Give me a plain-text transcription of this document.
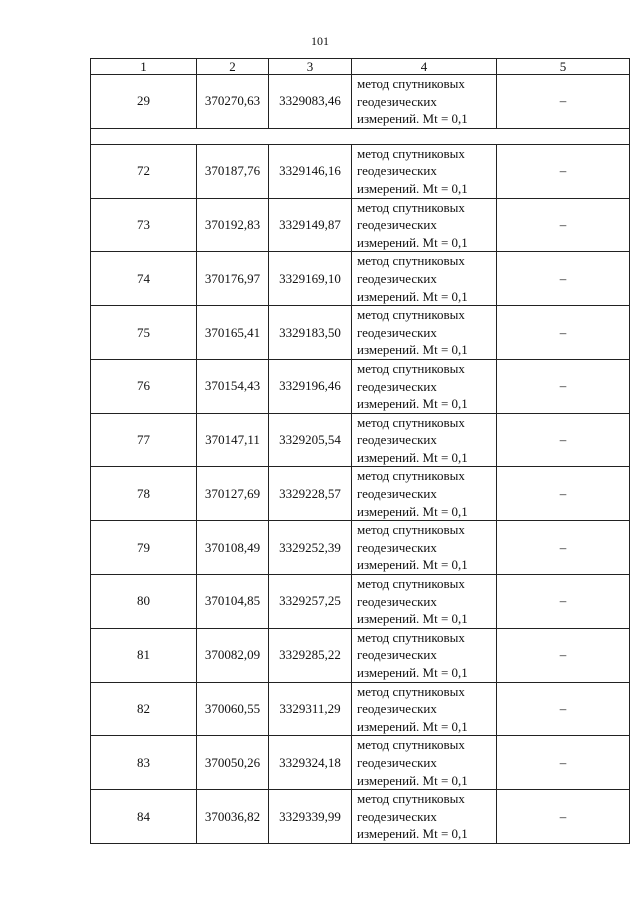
101
1	2	3	4	5
29	370270,63	3329083,46	метод спутниковых
геодезических
измерений. Mt = 0,1	–

72	370187,76	3329146,16	метод спутниковых
геодезических
измерений. Mt = 0,1	–
73	370192,83	3329149,87	метод спутниковых
геодезических
измерений. Mt = 0,1	–
74	370176,97	3329169,10	метод спутниковых
геодезических
измерений. Mt = 0,1	–
75	370165,41	3329183,50	метод спутниковых
геодезических
измерений. Mt = 0,1	–
76	370154,43	3329196,46	метод спутниковых
геодезических
измерений. Mt = 0,1	–
77	370147,11	3329205,54	метод спутниковых
геодезических
измерений. Mt = 0,1	–
78	370127,69	3329228,57	метод спутниковых
геодезических
измерений. Mt = 0,1	–
79	370108,49	3329252,39	метод спутниковых
геодезических
измерений. Mt = 0,1	–
80	370104,85	3329257,25	метод спутниковых
геодезических
измерений. Mt = 0,1	–
81	370082,09	3329285,22	метод спутниковых
геодезических
измерений. Mt = 0,1	–
82	370060,55	3329311,29	метод спутниковых
геодезических
измерений. Mt = 0,1	–
83	370050,26	3329324,18	метод спутниковых
геодезических
измерений. Mt = 0,1	–
84	370036,82	3329339,99	метод спутниковых
геодезических
измерений. Mt = 0,1	–
